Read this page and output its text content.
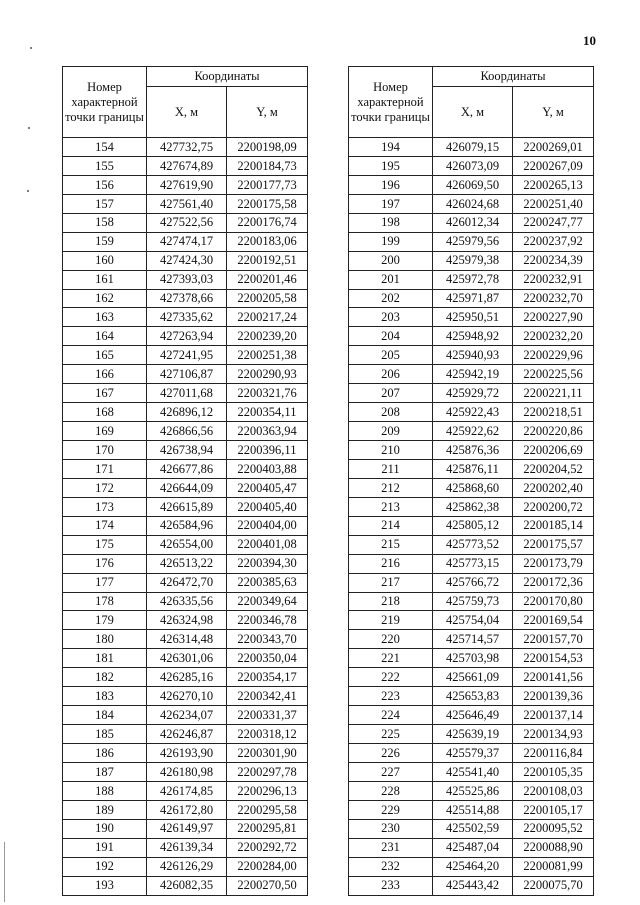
10
Номер характерной точки границы	Координаты	
	X, м	Y, м
154	427732,75	2200198,09
155	427674,89	2200184,73
156	427619,90	2200177,73
157	427561,40	2200175,58
158	427522,56	2200176,74
159	427474,17	2200183,06
160	427424,30	2200192,51
161	427393,03	2200201,46
162	427378,66	2200205,58
163	427335,62	2200217,24
164	427263,94	2200239,20
165	427241,95	2200251,38
166	427106,87	2200290,93
167	427011,68	2200321,76
168	426896,12	2200354,11
169	426866,56	2200363,94
170	426738,94	2200396,11
171	426677,86	2200403,88
172	426644,09	2200405,47
173	426615,89	2200405,40
174	426584,96	2200404,00
175	426554,00	2200401,08
176	426513,22	2200394,30
177	426472,70	2200385,63
178	426335,56	2200349,64
179	426324,98	2200346,78
180	426314,48	2200343,70
181	426301,06	2200350,04
182	426285,16	2200354,17
183	426270,10	2200342,41
184	426234,07	2200331,37
185	426246,87	2200318,12
186	426193,90	2200301,90
187	426180,98	2200297,78
188	426174,85	2200296,13
189	426172,80	2200295,58
190	426149,97	2200295,81
191	426139,34	2200292,72
192	426126,29	2200284,00
193	426082,35	2200270,50
Номер характерной точки границы	Координаты	
	X, м	Y, м
194	426079,15	2200269,01
195	426073,09	2200267,09
196	426069,50	2200265,13
197	426024,68	2200251,40
198	426012,34	2200247,77
199	425979,56	2200237,92
200	425979,38	2200234,39
201	425972,78	2200232,91
202	425971,87	2200232,70
203	425950,51	2200227,90
204	425948,92	2200232,20
205	425940,93	2200229,96
206	425942,19	2200225,56
207	425929,72	2200221,11
208	425922,43	2200218,51
209	425922,62	2200220,86
210	425876,36	2200206,69
211	425876,11	2200204,52
212	425868,60	2200202,40
213	425862,38	2200200,72
214	425805,12	2200185,14
215	425773,52	2200175,57
216	425773,15	2200173,79
217	425766,72	2200172,36
218	425759,73	2200170,80
219	425754,04	2200169,54
220	425714,57	2200157,70
221	425703,98	2200154,53
222	425661,09	2200141,56
223	425653,83	2200139,36
224	425646,49	2200137,14
225	425639,19	2200134,93
226	425579,37	2200116,84
227	425541,40	2200105,35
228	425525,86	2200108,03
229	425514,88	2200105,17
230	425502,59	2200095,52
231	425487,04	2200088,90
232	425464,20	2200081,99
233	425443,42	2200075,70
